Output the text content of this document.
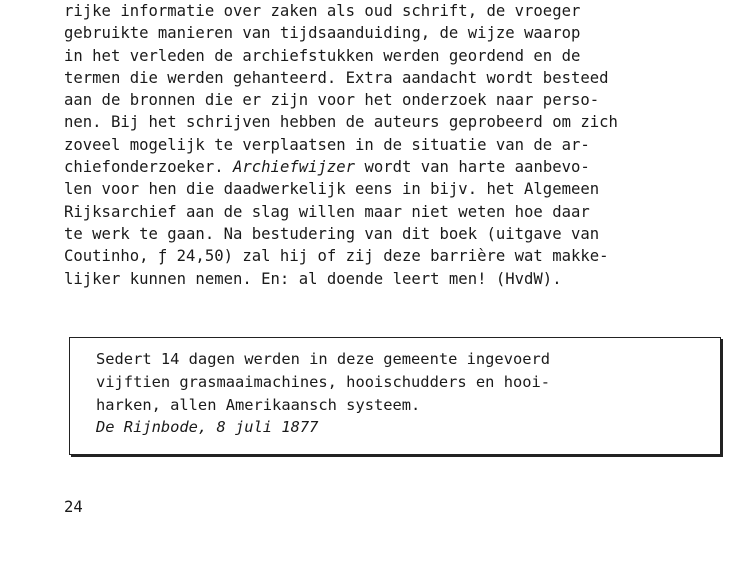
rijke informatie over zaken als oud schrift, de vroeger
gebruikte manieren van tijdsaanduiding, de wijze waarop
in het verleden de archiefstukken werden geordend en de
termen die werden gehanteerd. Extra aandacht wordt besteed
aan de bronnen die er zijn voor het onderzoek naar perso-
nen. Bij het schrijven hebben de auteurs geprobeerd om zich
zoveel mogelijk te verplaatsen in de situatie van de ar-
chiefonderzoeker. Archiefwijzer wordt van harte aanbevo-
len voor hen die daadwerkelijk eens in bijv. het Algemeen
Rijksarchief aan de slag willen maar niet weten hoe daar
te werk te gaan. Na bestudering van dit boek (uitgave van
Coutinho, ƒ 24,50) zal hij of zij deze barrière wat makke-
lijker kunnen nemen. En: al doende leert men! (HvdW).
Sedert 14 dagen werden in deze gemeente ingevoerd
vijftien grasmaaimachines, hooischudders en hooi-
harken, allen Amerikaansch systeem.
De Rijnbode, 8 juli 1877
24
